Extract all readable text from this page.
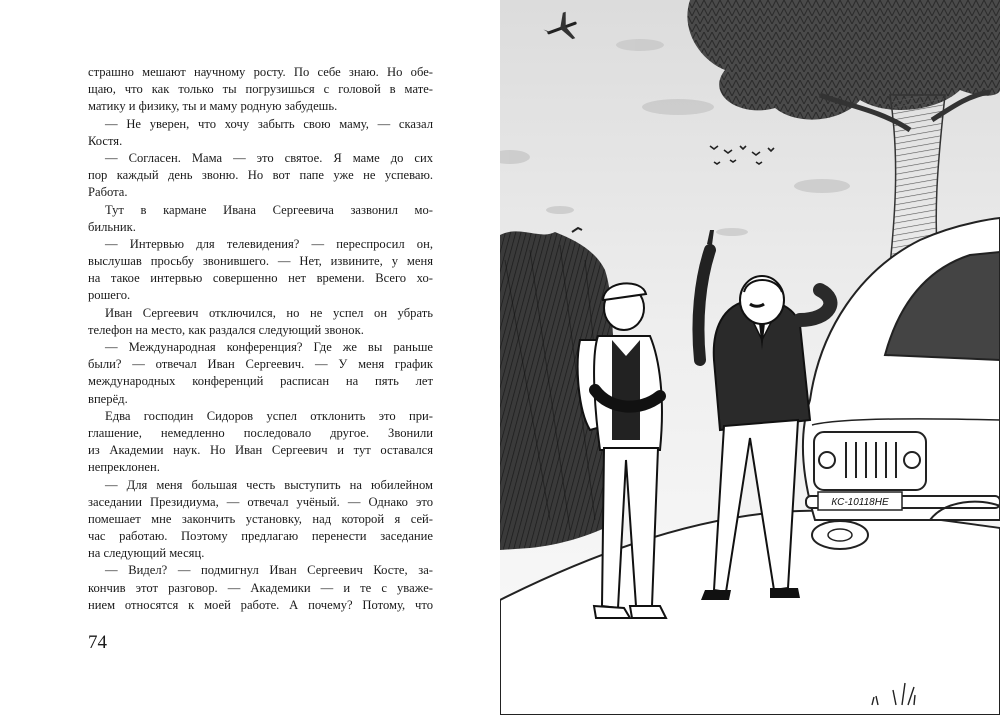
страшно мешают научному росту. По себе знаю. Но обе-
щаю, что как только ты погрузишься с головой в мате-
матику и физику, ты и маму родную забудешь.
— Не уверен, что хочу забыть свою маму, — сказал
Костя.
— Согласен. Мама — это святое. Я маме до сих
пор каждый день звоню. Но вот папе уже не успеваю.
Работа.
Тут в кармане Ивана Сергеевича зазвонил мо-
бильник.
— Интервью для телевидения? — переспросил он,
выслушав просьбу звонившего. — Нет, извините, у меня
на такое интервью совершенно нет времени. Всего хо-
рошего.
Иван Сергеевич отключился, но не успел он убрать
телефон на место, как раздался следующий звонок.
— Международная конференция? Где же вы раньше
были? — отвечал Иван Сергеевич. — У меня график
международных конференций расписан на пять лет
вперёд.
Едва господин Сидоров успел отклонить это при-
глашение, немедленно последовало другое. Звонили
из Академии наук. Но Иван Сергеевич и тут оставался
непреклонен.
— Для меня большая честь выступить на юбилейном
заседании Президиума, — отвечал учёный. — Однако это
помешает мне закончить установку, над которой я сей-
час работаю. Поэтому предлагаю перенести заседание
на следующий месяц.
— Видел? — подмигнул Иван Сергеевич Косте, за-
кончив этот разговор. — Академики — и те с уваже-
нием относятся к моей работе. А почему? Потому, что
74
КС-10118НЕ
